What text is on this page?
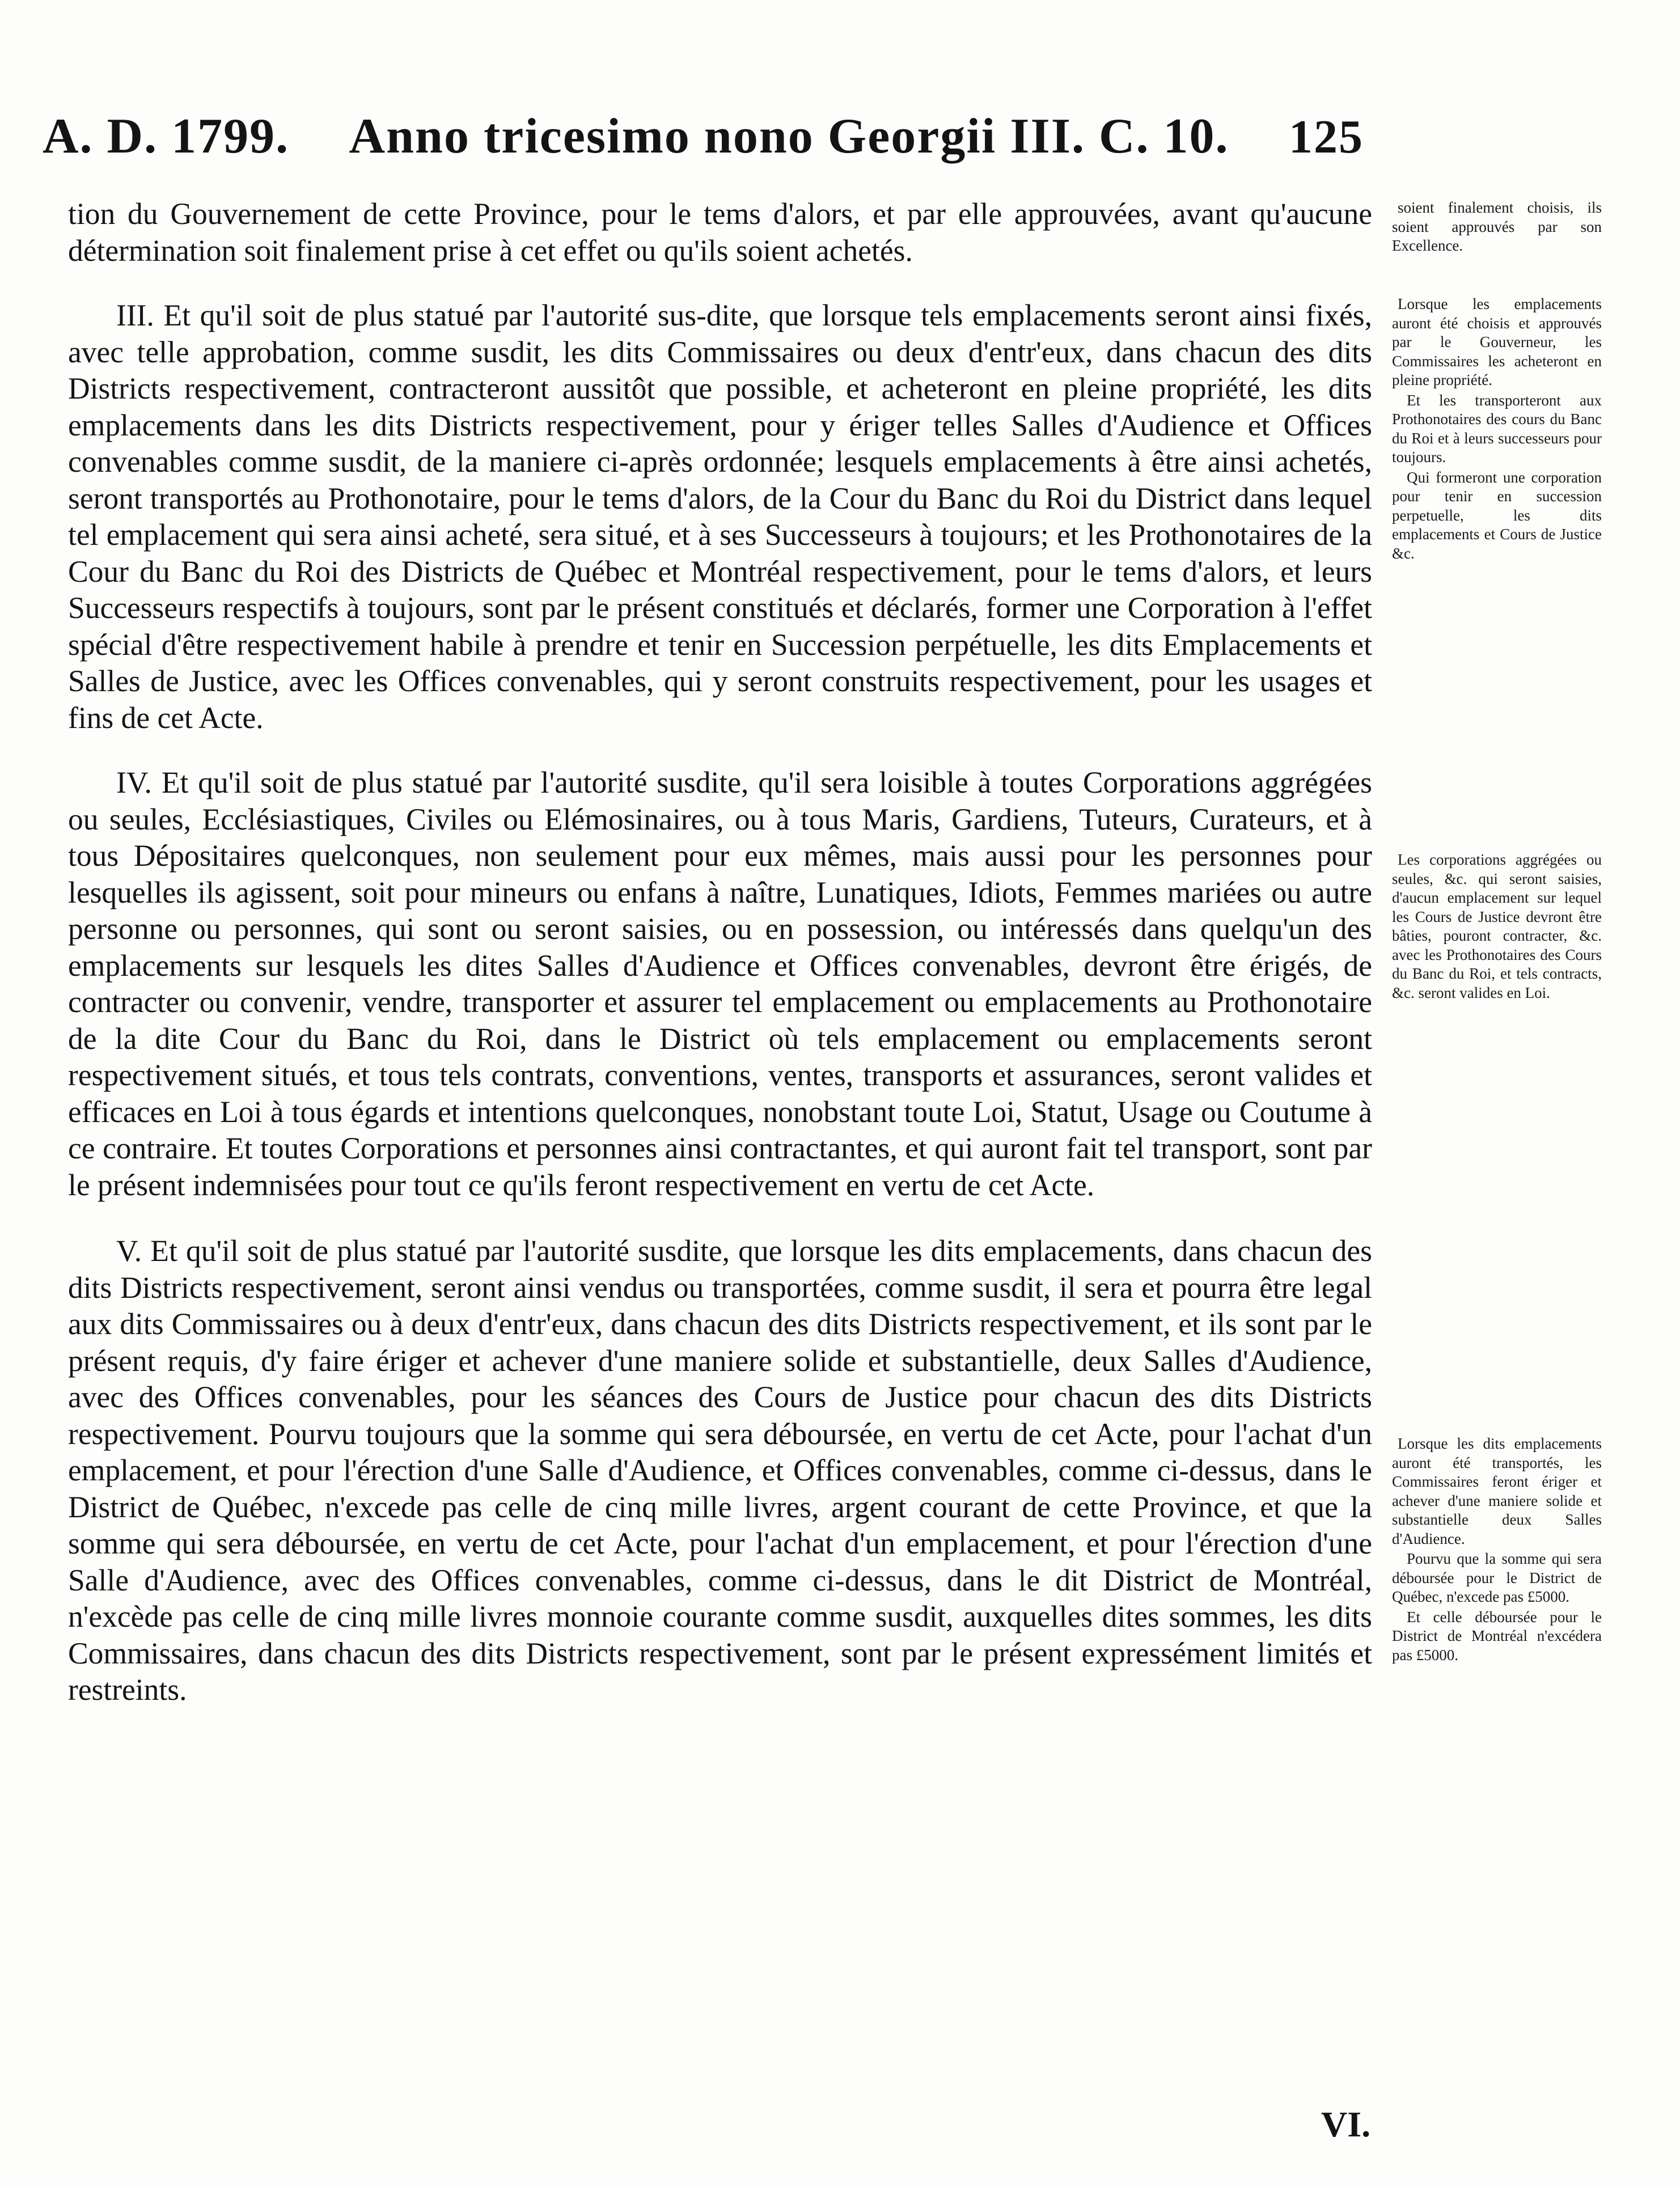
A. D. 1799. Anno tricesimo nono Georgii III. C. 10. 125

tion du Gouvernement de cette Province, pour le tems d'alors, et par elle approuvées, avant qu'aucune détermination soit finalement prise à cet effet ou qu'ils soient achetés.

III. Et qu'il soit de plus statué par l'autorité sus-dite, que lorsque tels emplacements seront ainsi fixés, avec telle approbation, comme susdit, les dits Commissaires ou deux d'entr'eux, dans chacun des dits Districts respectivement, contracteront aussitôt que possible, et acheteront en pleine propriété, les dits emplacements dans les dits Districts respectivement, pour y ériger telles Salles d'Audience et Offices convenables comme susdit, de la maniere ci-après ordonnée; lesquels emplacements à être ainsi achetés, seront transportés au Prothonotaire, pour le tems d'alors, de la Cour du Banc du Roi du District dans lequel tel emplacement qui sera ainsi acheté, sera situé, et à ses Successeurs à toujours; et les Prothonotaires de la Cour du Banc du Roi des Districts de Québec et Montréal respectivement, pour le tems d'alors, et leurs Successeurs respectifs à toujours, sont par le présent constitués et déclarés, former une Corporation à l'effet spécial d'être respectivement habile à prendre et tenir en Succession perpétuelle, les dits Emplacements et Salles de Justice, avec les Offices convenables, qui y seront construits respectivement, pour les usages et fins de cet Acte.

IV. Et qu'il soit de plus statué par l'autorité susdite, qu'il sera loisible à toutes Corporations aggrégées ou seules, Ecclésiastiques, Civiles ou Elémosinaires, ou à tous Maris, Gardiens, Tuteurs, Curateurs, et à tous Dépositaires quelconques, non seulement pour eux mêmes, mais aussi pour les personnes pour lesquelles ils agissent, soit pour mineurs ou enfans à naître, Lunatiques, Idiots, Femmes mariées ou autre personne ou personnes, qui sont ou seront saisies, ou en possession, ou intéressés dans quelqu'un des emplacements sur lesquels les dites Salles d'Audience et Offices convenables, devront être érigés, de contracter ou convenir, vendre, transporter et assurer tel emplacement ou emplacements au Prothonotaire de la dite Cour du Banc du Roi, dans le District où tels emplacement ou emplacements seront respectivement situés, et tous tels contrats, conventions, ventes, transports et assurances, seront valides et efficaces en Loi à tous égards et intentions quelconques, nonobstant toute Loi, Statut, Usage ou Coutume à ce contraire. Et toutes Corporations et personnes ainsi contractantes, et qui auront fait tel transport, sont par le présent indemnisées pour tout ce qu'ils feront respectivement en vertu de cet Acte.

V. Et qu'il soit de plus statué par l'autorité susdite, que lorsque les dits emplacements, dans chacun des dits Districts respectivement, seront ainsi vendus ou transportées, comme susdit, il sera et pourra être legal aux dits Commissaires ou à deux d'entr'eux, dans chacun des dits Districts respectivement, et ils sont par le présent requis, d'y faire ériger et achever d'une maniere solide et substantielle, deux Salles d'Audience, avec des Offices convenables, pour les séances des Cours de Justice pour chacun des dits Districts respectivement. Pourvu toujours que la somme qui sera déboursée, en vertu de cet Acte, pour l'achat d'un emplacement, et pour l'érection d'une Salle d'Audience, et Offices convenables, comme ci-dessus, dans le District de Québec, n'excede pas celle de cinq mille livres, argent courant de cette Province, et que la somme qui sera déboursée, en vertu de cet Acte, pour l'achat d'un emplacement, et pour l'érection d'une Salle d'Audience, avec des Offices convenables, comme ci-dessus, dans le dit District de Montréal, n'excède pas celle de cinq mille livres monnoie courante comme susdit, auxquelles dites sommes, les dits Commissaires, dans chacun des dits Districts respectivement, sont par le présent expressément limités et restreints.

soient finalement choisis, ils soient approuvés par son Excellence.

Lorsque les emplacements auront été choisis et approuvés par le Gouverneur, les Commissaires les acheteront en pleine propriété.

Et les transporteront aux Prothonotaires des cours du Banc du Roi et à leurs successeurs pour toujours.

Qui formeront une corporation pour tenir en succession perpetuelle, les dits emplacements et Cours de Justice &c.

Les corporations aggrégées ou seules, &c. qui seront saisies, d'aucun emplacement sur lequel les Cours de Justice devront être bâties, pouront contracter, &c. avec les Prothonotaires des Cours du Banc du Roi, et tels contracts, &c. seront valides en Loi.

Lorsque les dits emplacements auront été transportés, les Commissaires feront ériger et achever d'une maniere solide et substantielle deux Salles d'Audience.

Pourvu que la somme qui sera déboursée pour le District de Québec, n'excede pas £5000.

Et celle déboursée pour le District de Montréal n'excédera pas £5000.

VI.
